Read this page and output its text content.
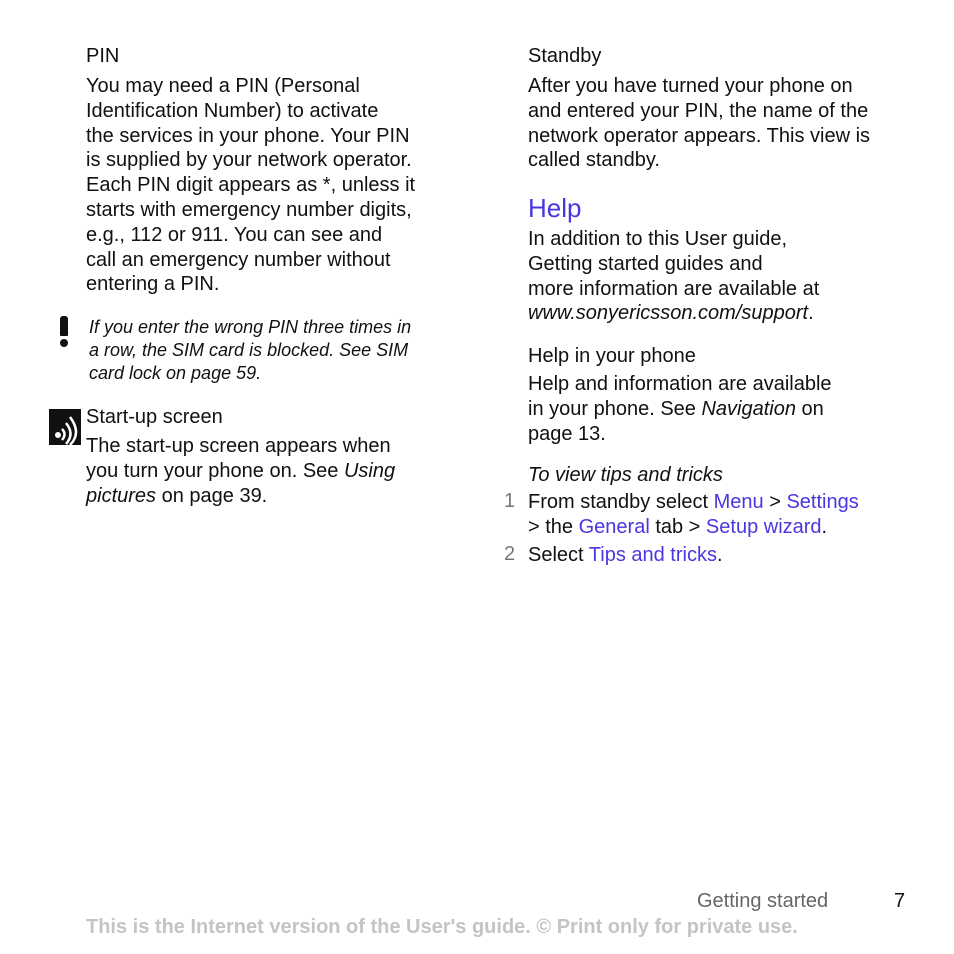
PIN
You may need a PIN (Personal
Identification Number) to activate
the services in your phone. Your PIN
is supplied by your network operator.
Each PIN digit appears as *, unless it
starts with emergency number digits,
e.g., 112 or 911. You can see and
call an emergency number without
entering a PIN.
If you enter the wrong PIN three times in
a row, the SIM card is blocked. See SIM
card lock on page 59.
Start-up screen
The start-up screen appears when
you turn your phone on. See Using
pictures on page 39.
Standby
After you have turned your phone on
and entered your PIN, the name of the
network operator appears. This view is
called standby.
Help
In addition to this User guide,
Getting started guides and
more information are available at
www.sonyericsson.com/support.
Help in your phone
Help and information are available
in your phone. See Navigation on
page 13.
To view tips and tricks
1 From standby select Menu > Settings
> the General tab > Setup wizard.
2 Select Tips and tricks.
Getting started	7
This is the Internet version of the User's guide. © Print only for private use.
